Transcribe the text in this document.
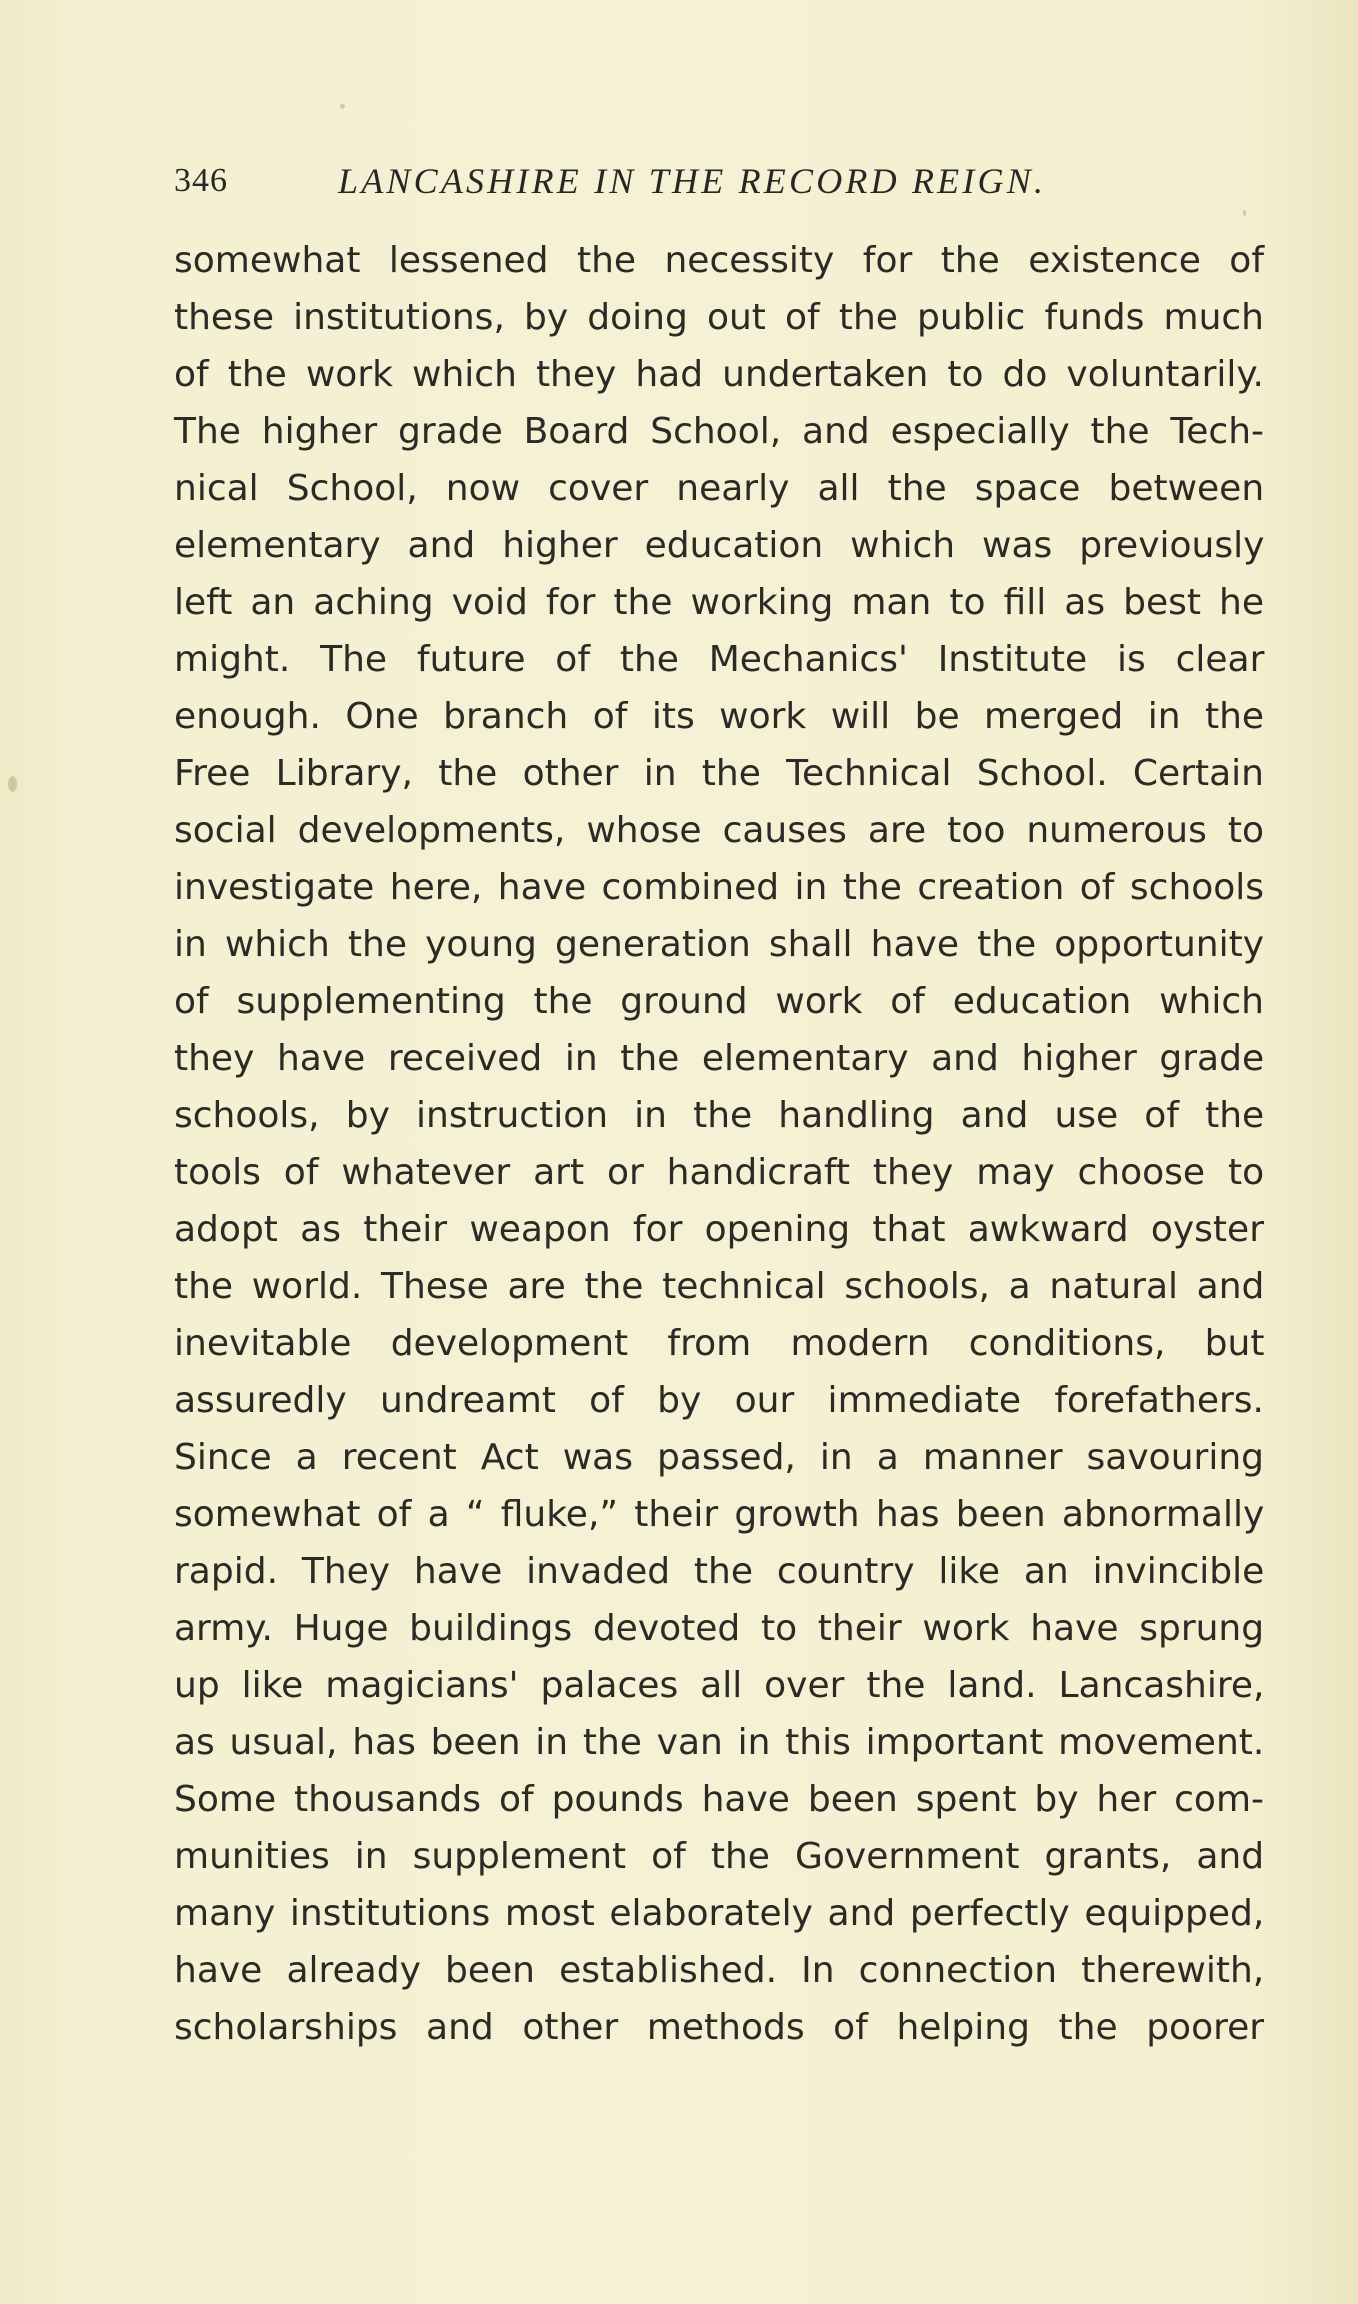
346	LANCASHIRE IN THE RECORD REIGN.
somewhat lessened the necessity for the existence of
these institutions, by doing out of the public funds much
of the work which they had undertaken to do voluntarily.
The higher grade Board School, and especially the Tech-
nical School, now cover nearly all the space between
elementary and higher education which was previously
left an aching void for the working man to fill as best he
might. The future of the Mechanics' Institute is clear
enough. One branch of its work will be merged in the
Free Library, the other in the Technical School. Certain
social developments, whose causes are too numerous to
investigate here, have combined in the creation of schools
in which the young generation shall have the opportunity
of supplementing the ground work of education which
they have received in the elementary and higher grade
schools, by instruction in the handling and use of the
tools of whatever art or handicraft they may choose to
adopt as their weapon for opening that awkward oyster
the world. These are the technical schools, a natural and
inevitable development from modern conditions, but
assuredly undreamt of by our immediate forefathers.
Since a recent Act was passed, in a manner savouring
somewhat of a “ fluke,” their growth has been abnormally
rapid. They have invaded the country like an invincible
army. Huge buildings devoted to their work have sprung
up like magicians' palaces all over the land. Lancashire,
as usual, has been in the van in this important movement.
Some thousands of pounds have been spent by her com-
munities in supplement of the Government grants, and
many institutions most elaborately and perfectly equipped,
have already been established. In connection therewith,
scholarships and other methods of helping the poorer
